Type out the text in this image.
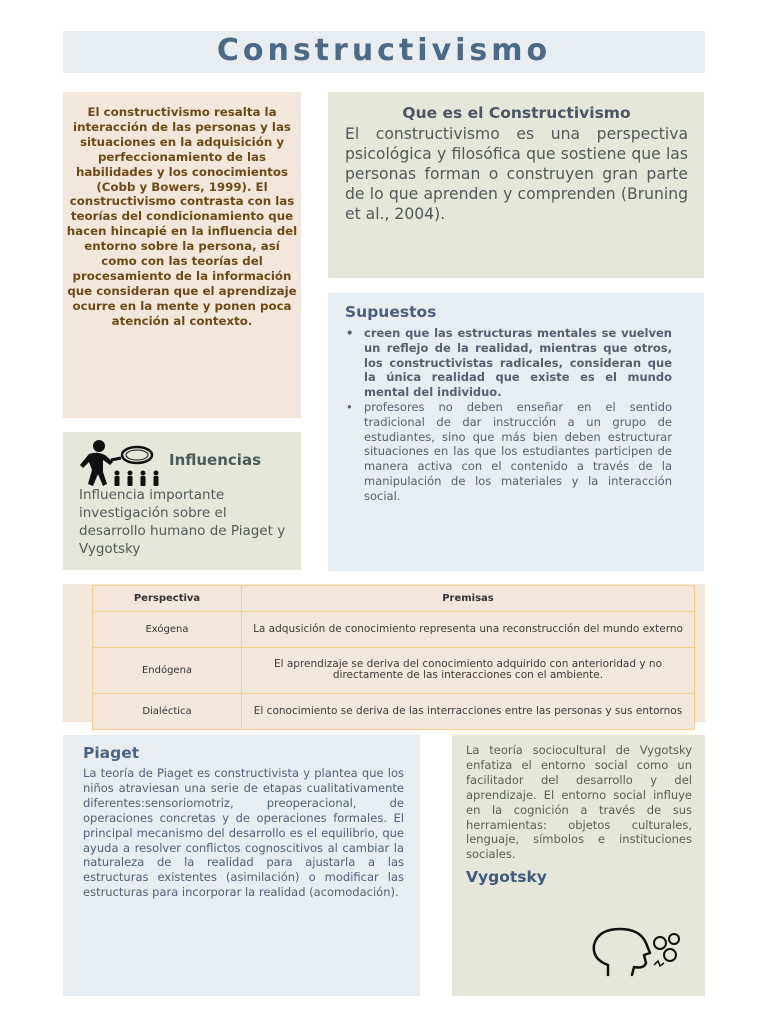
Constructivismo

El constructivismo resalta la interacción de las personas y las situaciones en la adquisición y perfeccionamiento de las habilidades y los conocimientos (Cobb y Bowers, 1999). El constructivismo contrasta con las teorías del condicionamiento que hacen hincapié en la influencia del entorno sobre la persona, así como con las teorías del procesamiento de la información que consideran que el aprendizaje ocurre en la mente y ponen poca atención al contexto.

Que es el Constructivismo

El constructivismo es una perspectiva psicológica y filosófica que sostiene que las personas forman o construyen gran parte de lo que aprenden y comprenden (Bruning et al., 2004).

Influencias

Influencia importante investigación sobre el desarrollo humano de Piaget y Vygotsky

Supuestos
• creen que las estructuras mentales se vuelven un reflejo de la realidad, mientras que otros, los constructivistas radicales, consideran que la única realidad que existe es el mundo mental del individuo.
• profesores no deben enseñar en el sentido tradicional de dar instrucción a un grupo de estudiantes, sino que más bien deben estructurar situaciones en las que los estudiantes participen de manera activa con el contenido a través de la manipulación de los materiales y la interacción social.
Perspectiva	Premisas
Exógena	La adqusición de conocimiento representa una reconstrucción del mundo externo
Endógena	El aprendizaje se deriva del conocimiento adquirido con anterioridad y no directamente de las interacciones con el ambiente.
Dialéctica	El conocimiento se deriva de las interracciones entre las personas y sus entornos
Piaget

La teoría de Piaget es constructivista y plantea que los niños atraviesan una serie de etapas cualitativamente diferentes:sensoriomotriz, preoperacional, de operaciones concretas y de operaciones formales. El principal mecanismo del desarrollo es el equilibrio, que ayuda a resolver conflictos cognoscitivos al cambiar la naturaleza de la realidad para ajustarla a las estructuras existentes (asimilación) o modificar las estructuras para incorporar la realidad (acomodación).

La teoría sociocultural de Vygotsky enfatiza el entorno social como un facilitador del desarrollo y del aprendizaje. El entorno social influye en la cognición a través de sus herramientas: objetos culturales, lenguaje, símbolos e instituciones sociales.

Vygotsky
